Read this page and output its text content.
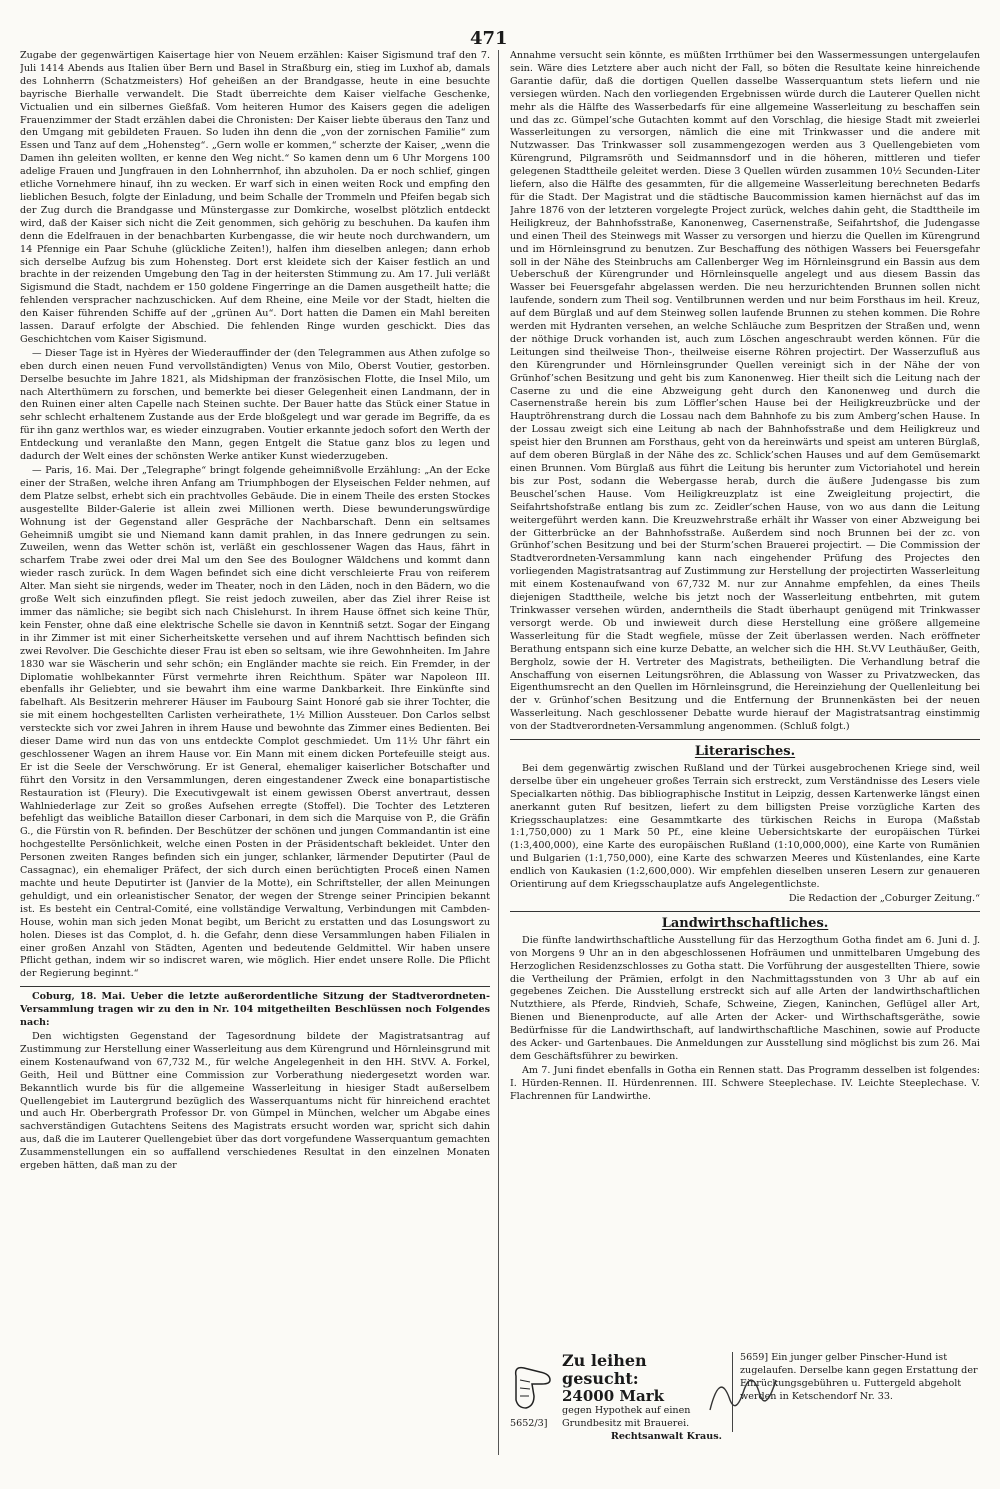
471

Zugabe der gegenwärtigen Kaisertage hier von Neuem erzählen: Kaiser Sigismund traf den 7. Juli 1414 Abends aus Italien über Bern und Basel in Straßburg ein, stieg im Luxhof ab, damals des Lohnherrn (Schatzmeisters) Hof geheißen an der Brandgasse, heute in eine besuchte bayrische Bierhalle verwandelt. Die Stadt überreichte dem Kaiser vielfache Geschenke, Victualien und ein silbernes Gießfaß. Vom heiteren Humor des Kaisers gegen die adeligen Frauenzimmer der Stadt erzählen dabei die Chronisten: Der Kaiser liebte überaus den Tanz und den Umgang mit gebildeten Frauen. So luden ihn denn die „von der zornischen Familie“ zum Essen und Tanz auf dem „Hohensteg“. „Gern wolle er kommen,“ scherzte der Kaiser, „wenn die Damen ihn geleiten wollten, er kenne den Weg nicht.“ So kamen denn um 6 Uhr Morgens 100 adelige Frauen und Jungfrauen in den Lohnherrnhof, ihn abzuholen. Da er noch schlief, gingen etliche Vornehmere hinauf, ihn zu wecken. Er warf sich in einen weiten Rock und empfing den lieblichen Besuch, folgte der Einladung, und beim Schalle der Trommeln und Pfeifen begab sich der Zug durch die Brandgasse und Münstergasse zur Domkirche, woselbst plötzlich entdeckt wird, daß der Kaiser sich nicht die Zeit genommen, sich gehörig zu beschuhen. Da kaufen ihm denn die Edelfrauen in der benachbarten Kurbengasse, die wir heute noch durchwandern, um 14 Pfennige ein Paar Schuhe (glückliche Zeiten!), halfen ihm dieselben anlegen; dann erhob sich derselbe Aufzug bis zum Hohensteg. Dort erst kleidete sich der Kaiser festlich an und brachte in der reizenden Umgebung den Tag in der heitersten Stimmung zu. Am 17. Juli verläßt Sigismund die Stadt, nachdem er 150 goldene Fingerringe an die Damen ausgetheilt hatte; die fehlenden verspracher nachzuschicken. Auf dem Rheine, eine Meile vor der Stadt, hielten die den Kaiser führenden Schiffe auf der „grünen Au“. Dort hatten die Damen ein Mahl bereiten lassen. Darauf erfolgte der Abschied. Die fehlenden Ringe wurden geschickt. Dies das Geschichtchen vom Kaiser Sigismund.

— Dieser Tage ist in Hyères der Wiederauffinder der (den Telegrammen aus Athen zufolge so eben durch einen neuen Fund vervollständigten) Venus von Milo, Oberst Voutier, gestorben. Derselbe besuchte im Jahre 1821, als Midshipman der französischen Flotte, die Insel Milo, um nach Alterthümern zu forschen, und bemerkte bei dieser Gelegenheit einen Landmann, der in den Ruinen einer alten Capelle nach Steinen suchte. Der Bauer hatte das Stück einer Statue in sehr schlecht erhaltenem Zustande aus der Erde bloßgelegt und war gerade im Begriffe, da es für ihn ganz werthlos war, es wieder einzugraben. Voutier erkannte jedoch sofort den Werth der Entdeckung und veranlaßte den Mann, gegen Entgelt die Statue ganz blos zu legen und dadurch der Welt eines der schönsten Werke antiker Kunst wiederzugeben.

— Paris, 16. Mai. Der „Telegraphe“ bringt folgende geheimnißvolle Erzählung: „An der Ecke einer der Straßen, welche ihren Anfang am Triumphbogen der Elyseischen Felder nehmen, auf dem Platze selbst, erhebt sich ein prachtvolles Gebäude. Die in einem Theile des ersten Stockes ausgestellte Bilder-Galerie ist allein zwei Millionen werth. Diese bewunderungswürdige Wohnung ist der Gegenstand aller Gespräche der Nachbarschaft. Denn ein seltsames Geheimniß umgibt sie und Niemand kann damit prahlen, in das Innere gedrungen zu sein. Zuweilen, wenn das Wetter schön ist, verläßt ein geschlossener Wagen das Haus, fährt in scharfem Trabe zwei oder drei Mal um den See des Boulogner Wäldchens und kommt dann wieder rasch zurück. In dem Wagen befindet sich eine dicht verschleierte Frau von reiferem Alter. Man sieht sie nirgends, weder im Theater, noch in den Läden, noch in den Bädern, wo die große Welt sich einzufinden pflegt. Sie reist jedoch zuweilen, aber das Ziel ihrer Reise ist immer das nämliche; sie begibt sich nach Chislehurst. In ihrem Hause öffnet sich keine Thür, kein Fenster, ohne daß eine elektrische Schelle sie davon in Kenntniß setzt. Sogar der Eingang in ihr Zimmer ist mit einer Sicherheitskette versehen und auf ihrem Nachttisch befinden sich zwei Revolver. Die Geschichte dieser Frau ist eben so seltsam, wie ihre Gewohnheiten. Im Jahre 1830 war sie Wäscherin und sehr schön; ein Engländer machte sie reich. Ein Fremder, in der Diplomatie wohlbekannter Fürst vermehrte ihren Reichthum. Später war Napoleon III. ebenfalls ihr Geliebter, und sie bewahrt ihm eine warme Dankbarkeit. Ihre Einkünfte sind fabelhaft. Als Besitzerin mehrerer Häuser im Faubourg Saint Honoré gab sie ihrer Tochter, die sie mit einem hochgestellten Carlisten verheirathete, 1½ Million Aussteuer. Don Carlos selbst versteckte sich vor zwei Jahren in ihrem Hause und bewohnte das Zimmer eines Bedienten. Bei dieser Dame wird nun das von uns entdeckte Complot geschmiedet. Um 11½ Uhr fährt ein geschlossener Wagen an ihrem Hause vor. Ein Mann mit einem dicken Portefeuille steigt aus. Er ist die Seele der Verschwörung. Er ist General, ehemaliger kaiserlicher Botschafter und führt den Vorsitz in den Versammlungen, deren eingestandener Zweck eine bonapartistische Restauration ist (Fleury). Die Executivgewalt ist einem gewissen Oberst anvertraut, dessen Wahlniederlage zur Zeit so großes Aufsehen erregte (Stoffel). Die Tochter des Letzteren befehligt das weibliche Bataillon dieser Carbonari, in dem sich die Marquise von P., die Gräfin G., die Fürstin von R. befinden. Der Beschützer der schönen und jungen Commandantin ist eine hochgestellte Persönlichkeit, welche einen Posten in der Präsidentschaft bekleidet. Unter den Personen zweiten Ranges befinden sich ein junger, schlanker, lärmender Deputirter (Paul de Cassagnac), ein ehemaliger Präfect, der sich durch einen berüchtigten Proceß einen Namen machte und heute Deputirter ist (Janvier de la Motte), ein Schriftsteller, der allen Meinungen gehuldigt, und ein orleanistischer Senator, der wegen der Strenge seiner Principien bekannt ist. Es besteht ein Central-Comité, eine vollständige Verwaltung, Verbindungen mit Cambden-House, wohin man sich jeden Monat begibt, um Bericht zu erstatten und das Losungswort zu holen. Dieses ist das Complot, d. h. die Gefahr, denn diese Versammlungen haben Filialen in einer großen Anzahl von Städten, Agenten und bedeutende Geldmittel. Wir haben unsere Pflicht gethan, indem wir so indiscret waren, wie möglich. Hier endet unsere Rolle. Die Pflicht der Regierung beginnt.“

Coburg, 18. Mai. Ueber die letzte außerordentliche Sitzung der Stadtverordneten-Versammlung tragen wir zu den in Nr. 104 mitgetheilten Beschlüssen noch Folgendes nach:

Den wichtigsten Gegenstand der Tagesordnung bildete der Magistratsantrag auf Zustimmung zur Herstellung einer Wasserleitung aus dem Kürengrund und Hörnleinsgrund mit einem Kostenaufwand von 67,732 M., für welche Angelegenheit in den HH. StVV. A. Forkel, Geith, Heil und Büttner eine Commission zur Vorberathung niedergesetzt worden war. Bekanntlich wurde bis für die allgemeine Wasserleitung in hiesiger Stadt außerselbem Quellengebiet im Lautergrund bezüglich des Wasserquantums nicht für hinreichend erachtet und auch Hr. Oberbergrath Professor Dr. von Gümpel in München, welcher um Abgabe eines sachverständigen Gutachtens Seitens des Magistrats ersucht worden war, spricht sich dahin aus, daß die im Lauterer Quellengebiet über das dort vorgefundene Wasserquantum gemachten Zusammenstellungen ein so auffallend verschiedenes Resultat in den einzelnen Monaten ergeben hätten, daß man zu der

Annahme versucht sein könnte, es müßten Irrthümer bei den Wassermessungen untergelaufen sein. Wäre dies Letztere aber auch nicht der Fall, so böten die Resultate keine hinreichende Garantie dafür, daß die dortigen Quellen dasselbe Wasserquantum stets liefern und nie versiegen würden. Nach den vorliegenden Ergebnissen würde durch die Lauterer Quellen nicht mehr als die Hälfte des Wasserbedarfs für eine allgemeine Wasserleitung zu beschaffen sein und das zc. Gümpel’sche Gutachten kommt auf den Vorschlag, die hiesige Stadt mit zweierlei Wasserleitungen zu versorgen, nämlich die eine mit Trinkwasser und die andere mit Nutzwasser. Das Trinkwasser soll zusammengezogen werden aus 3 Quellengebieten vom Kürengrund, Pilgramsröth und Seidmannsdorf und in die höheren, mittleren und tiefer gelegenen Stadttheile geleitet werden. Diese 3 Quellen würden zusammen 10½ Secunden-Liter liefern, also die Hälfte des gesammten, für die allgemeine Wasserleitung berechneten Bedarfs für die Stadt. Der Magistrat und die städtische Baucommission kamen hiernächst auf das im Jahre 1876 von der letzteren vorgelegte Project zurück, welches dahin geht, die Stadttheile im Heiligkreuz, der Bahnhofsstraße, Kanonenweg, Casernenstraße, Seifahrtshof, die Judengasse und einen Theil des Steinwegs mit Wasser zu versorgen und hierzu die Quellen im Kürengrund und im Hörnleinsgrund zu benutzen. Zur Beschaffung des nöthigen Wassers bei Feuersgefahr soll in der Nähe des Steinbruchs am Callenberger Weg im Hörnleinsgrund ein Bassin aus dem Ueberschuß der Kürengrunder und Hörnleinsquelle angelegt und aus diesem Bassin das Wasser bei Feuersgefahr abgelassen werden. Die neu herzurichtenden Brunnen sollen nicht laufende, sondern zum Theil sog. Ventilbrunnen werden und nur beim Forsthaus im heil. Kreuz, auf dem Bürglaß und auf dem Steinweg sollen laufende Brunnen zu stehen kommen. Die Rohre werden mit Hydranten versehen, an welche Schläuche zum Bespritzen der Straßen und, wenn der nöthige Druck vorhanden ist, auch zum Löschen angeschraubt werden können. Für die Leitungen sind theilweise Thon-, theilweise eiserne Röhren projectirt. Der Wasserzufluß aus den Kürengrunder und Hörnleinsgrunder Quellen vereinigt sich in der Nähe der von Grünhof’schen Besitzung und geht bis zum Kanonenweg. Hier theilt sich die Leitung nach der Caserne zu und die eine Abzweigung geht durch den Kanonenweg und durch die Casernenstraße herein bis zum Löffler’schen Hause bei der Heiligkreuzbrücke und der Hauptröhrenstrang durch die Lossau nach dem Bahnhofe zu bis zum Amberg’schen Hause. In der Lossau zweigt sich eine Leitung ab nach der Bahnhofsstraße und dem Heiligkreuz und speist hier den Brunnen am Forsthaus, geht von da hereinwärts und speist am unteren Bürglaß, auf dem oberen Bürglaß in der Nähe des zc. Schlick’schen Hauses und auf dem Gemüsemarkt einen Brunnen. Vom Bürglaß aus führt die Leitung bis herunter zum Victoriahotel und herein bis zur Post, sodann die Webergasse herab, durch die äußere Judengasse bis zum Beuschel’schen Hause. Vom Heiligkreuzplatz ist eine Zweigleitung projectirt, die Seifahrtshofstraße entlang bis zum zc. Zeidler’schen Hause, von wo aus dann die Leitung weitergeführt werden kann. Die Kreuzwehrstraße erhält ihr Wasser von einer Abzweigung bei der Gitterbrücke an der Bahnhofsstraße. Außerdem sind noch Brunnen bei der zc. von Grünhof’schen Besitzung und bei der Sturm’schen Brauerei projectirt. — Die Commission der Stadtverordneten-Versammlung kann nach eingehender Prüfung des Projectes den vorliegenden Magistratsantrag auf Zustimmung zur Herstellung der projectirten Wasserleitung mit einem Kostenaufwand von 67,732 M. nur zur Annahme empfehlen, da eines Theils diejenigen Stadttheile, welche bis jetzt noch der Wasserleitung entbehrten, mit gutem Trinkwasser versehen würden, anderntheils die Stadt überhaupt genügend mit Trinkwasser versorgt werde. Ob und inwieweit durch diese Herstellung eine größere allgemeine Wasserleitung für die Stadt wegfiele, müsse der Zeit überlassen werden. Nach eröffneter Berathung entspann sich eine kurze Debatte, an welcher sich die HH. St.VV Leuthäußer, Geith, Bergholz, sowie der H. Vertreter des Magistrats, betheiligten. Die Verhandlung betraf die Anschaffung von eisernen Leitungsröhren, die Ablassung von Wasser zu Privatzwecken, das Eigenthumsrecht an den Quellen im Hörnleinsgrund, die Hereinziehung der Quellenleitung bei der v. Grünhof’schen Besitzung und die Entfernung der Brunnenkästen bei der neuen Wasserleitung. Nach geschlossener Debatte wurde hierauf der Magistratsantrag einstimmig von der Stadtverordneten-Versammlung angenommen. (Schluß folgt.)

Literarisches.

Bei dem gegenwärtig zwischen Rußland und der Türkei ausgebrochenen Kriege sind, weil derselbe über ein ungeheuer großes Terrain sich erstreckt, zum Verständnisse des Lesers viele Specialkarten nöthig. Das bibliographische Institut in Leipzig, dessen Kartenwerke längst einen anerkannt guten Ruf besitzen, liefert zu dem billigsten Preise vorzügliche Karten des Kriegsschauplatzes: eine Gesammtkarte des türkischen Reichs in Europa (Maßstab 1:1,750,000) zu 1 Mark 50 Pf., eine kleine Uebersichtskarte der europäischen Türkei (1:3,400,000), eine Karte des europäischen Rußland (1:10,000,000), eine Karte von Rumänien und Bulgarien (1:1,750,000), eine Karte des schwarzen Meeres und Küstenlandes, eine Karte endlich von Kaukasien (1:2,600,000). Wir empfehlen dieselben unseren Lesern zur genaueren Orientirung auf dem Kriegsschauplatze aufs Angelegentlichste.

Die Redaction der „Coburger Zeitung.“

Landwirthschaftliches.

Die fünfte landwirthschaftliche Ausstellung für das Herzogthum Gotha findet am 6. Juni d. J. von Morgens 9 Uhr an in den abgeschlossenen Hofräumen und unmittelbaren Umgebung des Herzoglichen Residenzschlosses zu Gotha statt. Die Vorführung der ausgestellten Thiere, sowie die Vertheilung der Prämien, erfolgt in den Nachmittagsstunden von 3 Uhr ab auf ein gegebenes Zeichen. Die Ausstellung erstreckt sich auf alle Arten der landwirthschaftlichen Nutzthiere, als Pferde, Rindvieh, Schafe, Schweine, Ziegen, Kaninchen, Geflügel aller Art, Bienen und Bienenproducte, auf alle Arten der Acker- und Wirthschaftsgeräthe, sowie Bedürfnisse für die Landwirthschaft, auf landwirthschaftliche Maschinen, sowie auf Producte des Acker- und Gartenbaues. Die Anmeldungen zur Ausstellung sind möglichst bis zum 26. Mai dem Geschäftsführer zu bewirken.

Am 7. Juni findet ebenfalls in Gotha ein Rennen statt. Das Programm desselben ist folgendes: I. Hürden-Rennen. II. Hürdenrennen. III. Schwere Steeplechase. IV. Leichte Steeplechase. V. Flachrennen für Landwirthe.

Zu leihen gesucht:
24000 Mark
gegen Hypothek auf einen Grundbesitz mit Brauerei.
Rechtsanwalt Kraus.
5652/3]
5659] Ein junger gelber Pinscher-Hund ist zugelaufen. Derselbe kann gegen Erstattung der Einrückungsgebühren u. Futtergeld abgeholt werden in Ketschendorf Nr. 33.
